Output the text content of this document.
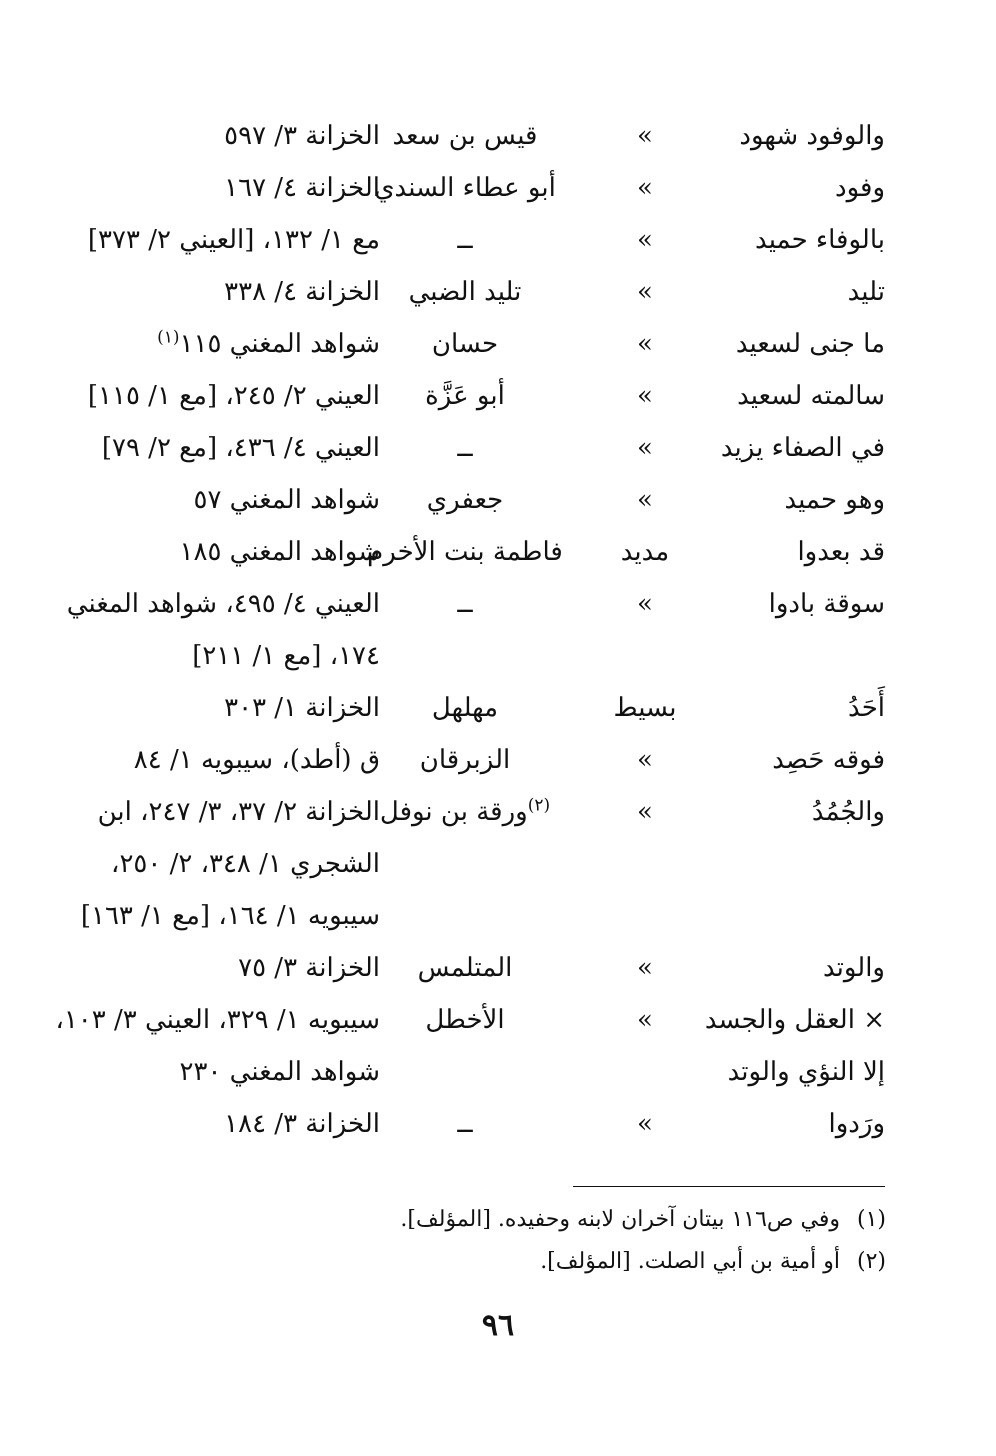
والوفود شهود
»
قيس بن سعد
الخزانة ٣/ ٥٩٧
وفود
»
أبو عطاء السندي
الخزانة ٤/ ١٦٧
بالوفاء حميد
»
ــ
مع ١/ ١٣٢، [العيني ٢/ ٣٧٣]
تليد
»
تليد الضبي
الخزانة ٤/ ٣٣٨
ما جنى لسعيد
»
حسان
شواهد المغني ١١٥$^{(١)}$
سالمته لسعيد
»
أبو عَزَّة
العيني ٢/ ٢٤٥، [مع ١/ ١١٥]
في الصفاء يزيد
»
ــ
العيني ٤/ ٤٣٦، [مع ٢/ ٧٩]
وهو حميد
»
جعفري
شواهد المغني ٥٧
قد بعدوا
مديد
فاطمة بنت الأخرم
شواهد المغني ١٨٥
سوقة بادوا
»
ــ
العيني ٤/ ٤٩٥، شواهد المغني ١٧٤، [مع ١/ ٢١١]
أَحَدُ
بسيط
مهلهل
الخزانة ١/ ٣٠٣
فوقه حَصِد
»
الزبرقان
ق (أطد)، سيبويه ١/ ٨٤
والجُمُدُ
»
$^{(٢)}$ورقة بن نوفل
الخزانة ٢/ ٣٧، ٣/ ٢٤٧، ابن الشجري ١/ ٣٤٨، ٢/ ٢٥٠، سيبويه ١/ ١٦٤، [مع ١/ ١٦٣]
والوتد
»
المتلمس
الخزانة ٣/ ٧٥
× العقل والجسد
»
الأخطل
سيبويه ١/ ٣٢٩، العيني ٣/ ١٠٣،
إلا النؤي والوتد
شواهد المغني ٢٣٠
ورَدوا
»
ــ
الخزانة ٣/ ١٨٤
(١) وفي ص١١٦ بيتان آخران لابنه وحفيده. [المؤلف].
(٢) أو أمية بن أبي الصلت. [المؤلف].
٩٦
